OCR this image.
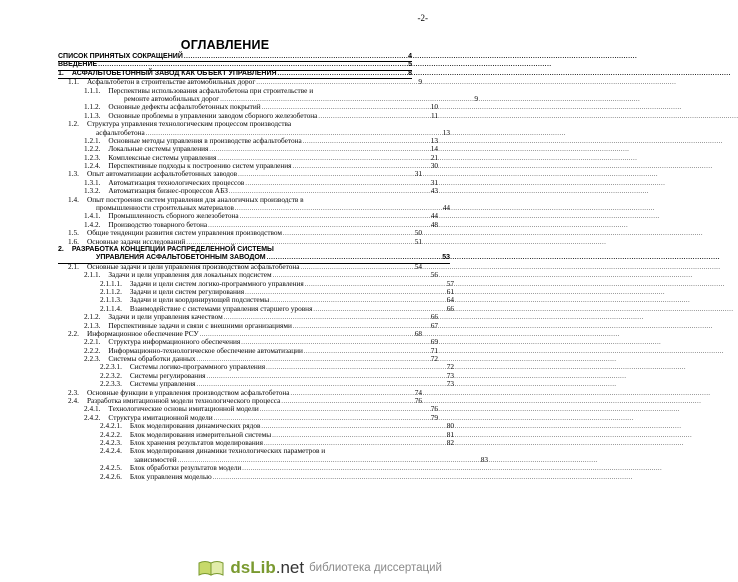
-2-
ОГЛАВЛЕНИЕ
СПИСОК ПРИНЯТЫХ СОКРАЩЕНИЙ .....	4
ВВЕДЕНИЕ .....	5
1. АСФАЛЬТОБЕТОННЫЙ ЗАВОД КАК ОБЪЕКТ УПРАВЛЕНИЯ .....	8
1.1. Асфальтобетон в строительстве автомобильных дорог .....	9
1.1.1. Перспективы использования асфальтобетона при строительстве и
ремонте автомобильных дорог .....	9
1.1.2. Основные дефекты асфальтобетонных покрытий .....	10
1.1.3. Основные проблемы в управлении заводом сборного железобетона .....	11
1.2. Структура управления технологическим процессом производства
асфальтобетона .....	13
1.2.1. Основные методы управления в производстве асфальтобетона .....	13
1.2.2. Локальные системы управления .....	14
1.2.3. Комплексные системы управления .....	21
1.2.4. Перспективные подходы к построению систем управления .....	30
1.3. Опыт автоматизации асфальтобетонных заводов .....	31
1.3.1. Автоматизация технологических процессов .....	31
1.3.2. Автоматизация бизнес-процессов АБЗ .....	43
1.4. Опыт построения систем управления для аналогичных производств в
промышленности строительных материалов .....	44
1.4.1. Промышленность сборного железобетона .....	44
1.4.2. Производство товарного бетона .....	48
1.5. Общие тенденции развития систем управления производством .....	50
1.6. Основные задачи исследований .....	51
2. РАЗРАБОТКА КОНЦЕПЦИИ РАСПРЕДЕЛЕННОЙ СИСТЕМЫ
УПРАВЛЕНИЯ АСФАЛЬТОБЕТОННЫМ ЗАВОДОМ .....	53
2.1. Основные задачи и цели управления производством асфальтобетона .....	54
2.1.1. Задачи и цели управления для локальных подсистем .....	56
2.1.1.1. Задачи и цели систем логико-программного управления .....	57
2.1.1.2. Задачи и цели систем регулирования .....	61
2.1.1.3. Задачи и цели координирующей подсистемы .....	64
2.1.1.4. Взаимодействие с системами управления старшего уровня .....	66
2.1.2. Задачи и цели управления качеством .....	66
2.1.3. Перспективные задачи и связи с внешними организациями .....	67
2.2. Информационное обеспечение РСУ .....	68
2.2.1. Структура информационного обеспечения .....	69
2.2.2. Информационно-технологическое обеспечение автоматизации .....	71
2.2.3. Системы обработки данных .....	72
2.2.3.1. Системы логико-программного управления .....	72
2.2.3.2. Системы регулирования .....	73
2.2.3.3. Системы управления .....	73
2.3. Основные функции в управления производством асфальтобетона .....	74
2.4. Разработка имитационной модели технологического процесса .....	76
2.4.1. Технологические основы имитационной модели .....	76
2.4.2. Структура имитационной модели .....	79
2.4.2.1. Блок моделирования динамических рядов .....	80
2.4.2.2. Блок моделирования измерительной системы .....	81
2.4.2.3. Блок хранения результатов моделирования .....	82
2.4.2.4. Блок моделирования динамики технологических параметров и
зависимостей .....	83
2.4.2.5. Блок обработки результатов модели
.....
2.4.2.6. Блок управления моделью
.....
dsLib.net библиотека диссертаций
